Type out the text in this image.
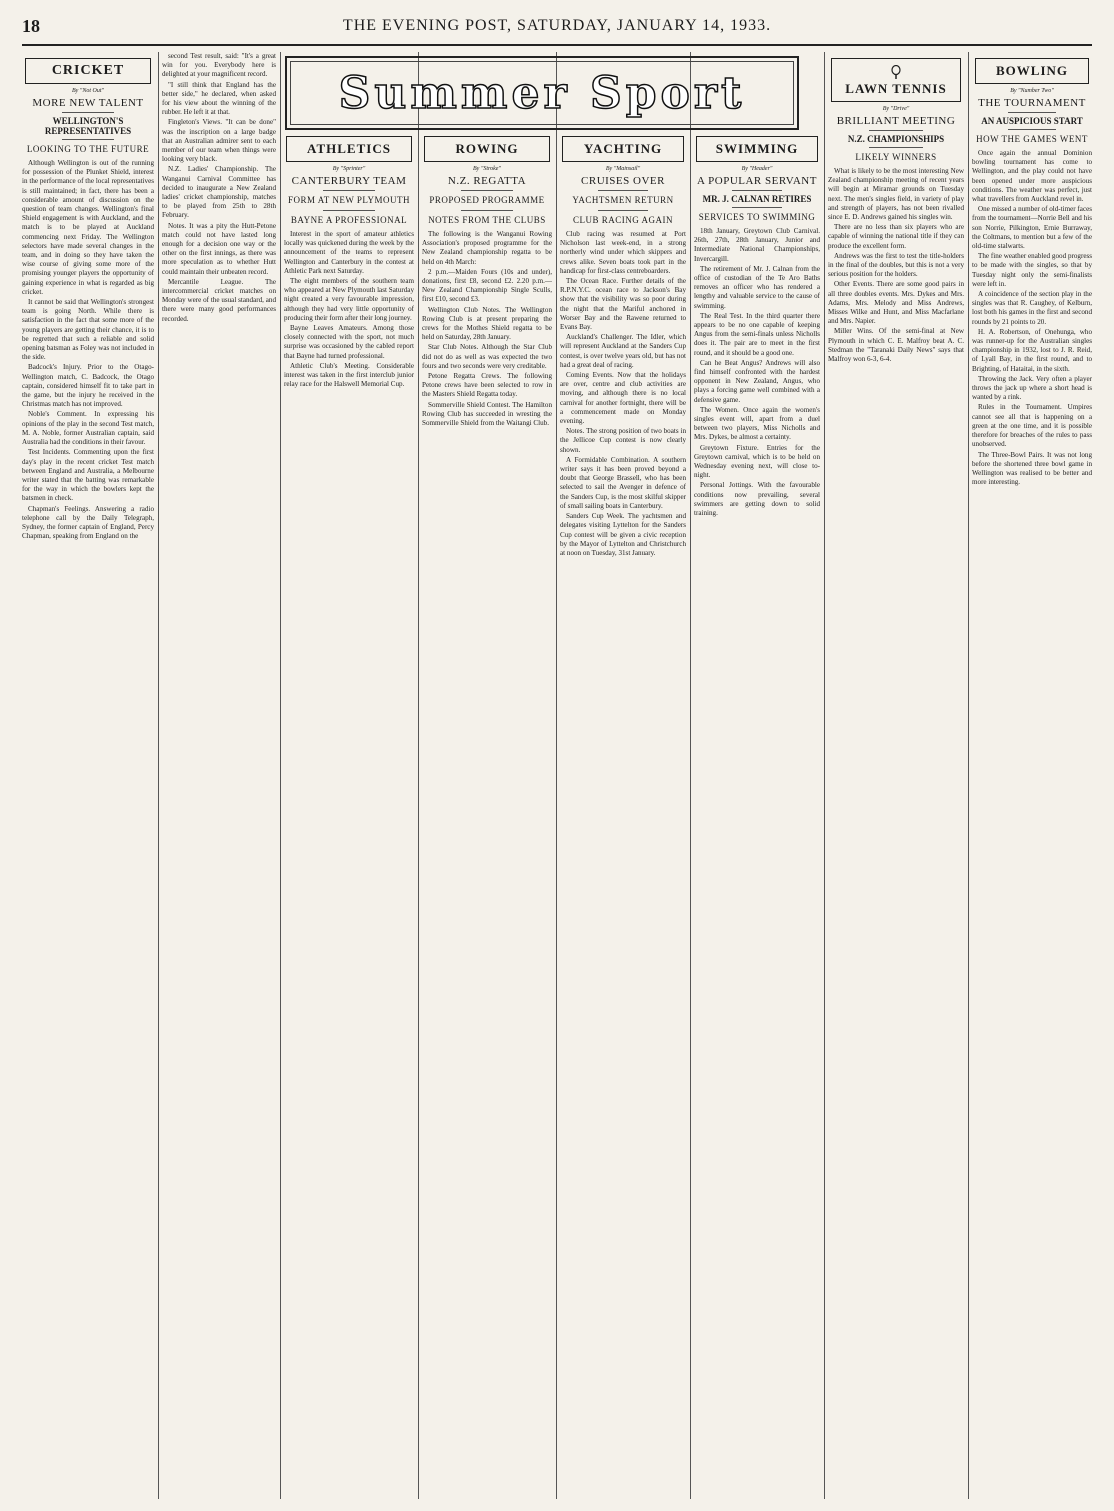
18	THE EVENING POST, SATURDAY, JANUARY 14, 1933.
CRICKET
By "Not Out"
MORE NEW TALENT
WELLINGTON'S REPRESENTATIVES
LOOKING TO THE FUTURE

Although Wellington is out of the running for possession of the Plunket Shield, interest in the performance of the local representatives is still maintained; in fact, there has been a considerable amount of discussion on the question of team changes. Wellington's final Shield engagement is with Auckland, and the match is to be played at Auckland commencing next Friday. The Wellington selectors have made several changes in the team, and in doing so they have taken the wise course of giving some more of the promising younger players the opportunity of gaining experience in what is regarded as big cricket.

It cannot be said that Wellington's strongest team is going North. While there is satisfaction in the fact that some more of the young players are getting their chance, it is to be regretted that such a reliable and solid opening batsman as Foley was not included in the side.

Badcock's Injury. Prior to the Otago-Wellington match, C. Badcock, the Otago captain, considered himself fit to take part in the game, but the injury he received in the Christmas match has not improved.

Noble's Comment. In expressing his opinions of the play in the second Test match, M. A. Noble, former Australian captain, said Australia had the conditions in their favour.

Test Incidents. Commenting upon the first day's play in the recent cricket Test match between England and Australia, a Melbourne writer stated that the batting was remarkable for the way in which the bowlers kept the batsmen in check.

Chapman's Feelings. Answering a radio telephone call by the Daily Telegraph, Sydney, the former captain of England, Percy Chapman, speaking from England on the

second Test result, said: "It's a great win for you. Everybody here is delighted at your magnificent record.

"I still think that England has the better side," he declared, when asked for his view about the winning of the rubber. He left it at that.

Fingleton's Views. "It can be done" was the inscription on a large badge that an Australian admirer sent to each member of our team when things were looking very black.

N.Z. Ladies' Championship. The Wanganui Carnival Committee has decided to inaugurate a New Zealand ladies' cricket championship, matches to be played from 25th to 28th February.

Notes. It was a pity the Hutt-Petone match could not have lasted long enough for a decision one way or the other on the first innings, as there was more speculation as to whether Hutt could maintain their unbeaten record.

Mercantile League. The intercommercial cricket matches on Monday were of the usual standard, and there were many good performances recorded.

Summer Sport
ATHLETICS
By "Sprinter"
CANTERBURY TEAM
FORM AT NEW PLYMOUTH
BAYNE A PROFESSIONAL

Interest in the sport of amateur athletics locally was quickened during the week by the announcement of the teams to represent Wellington and Canterbury in the contest at Athletic Park next Saturday.

The eight members of the southern team who appeared at New Plymouth last Saturday night created a very favourable impression, although they had very little opportunity of producing their form after their long journey.

Bayne Leaves Amateurs. Among those closely connected with the sport, not much surprise was occasioned by the cabled report that Bayne had turned professional.

Athletic Club's Meeting. Considerable interest was taken in the first interclub junior relay race for the Halswell Memorial Cup.

ROWING
By "Stroke"
N.Z. REGATTA
PROPOSED PROGRAMME
NOTES FROM THE CLUBS

The following is the Wanganui Rowing Association's proposed programme for the New Zealand championship regatta to be held on 4th March:

2 p.m.—Maiden Fours (10s and under), donations, first £8, second £2. 2.20 p.m.—New Zealand Championship Single Sculls, first £10, second £3.

Wellington Club Notes. The Wellington Rowing Club is at present preparing the crews for the Mothes Shield regatta to be held on Saturday, 28th January.

Star Club Notes. Although the Star Club did not do as well as was expected the two fours and two seconds were very creditable.

Petone Regatta Crews. The following Petone crews have been selected to row in the Masters Shield Regatta today.

Sommerville Shield Contest. The Hamilton Rowing Club has succeeded in wresting the Sommerville Shield from the Waitangi Club.

YACHTING
By "Mainsail"
CRUISES OVER
YACHTSMEN RETURN
CLUB RACING AGAIN

Club racing was resumed at Port Nicholson last week-end, in a strong northerly wind under which skippers and crews alike. Seven boats took part in the handicap for first-class centreboarders.

The Ocean Race. Further details of the R.P.N.Y.C. ocean race to Jackson's Bay show that the visibility was so poor during the night that the Mariful anchored in Worser Bay and the Rawene returned to Evans Bay.

Auckland's Challenger. The Idler, which will represent Auckland at the Sanders Cup contest, is over twelve years old, but has not had a great deal of racing.

Coming Events. Now that the holidays are over, centre and club activities are moving, and although there is no local carnival for another fortnight, there will be a commencement made on Monday evening.

Notes. The strong position of two boats in the Jellicoe Cup contest is now clearly shown.

A Formidable Combination. A southern writer says it has been proved beyond a doubt that George Brassell, who has been selected to sail the Avenger in defence of the Sanders Cup, is the most skilful skipper of small sailing boats in Canterbury.

Sanders Cup Week. The yachtsmen and delegates visiting Lyttelton for the Sanders Cup contest will be given a civic reception by the Mayor of Lyttelton and Christchurch at noon on Tuesday, 31st January.

SWIMMING
By "Header"
A POPULAR SERVANT
MR. J. CALNAN RETIRES
SERVICES TO SWIMMING

18th January, Greytown Club Carnival. 26th, 27th, 28th January, Junior and Intermediate National Championships, Invercargill.

The retirement of Mr. J. Calnan from the office of custodian of the Te Aro Baths removes an officer who has rendered a lengthy and valuable service to the cause of swimming.

The Real Test. In the third quarter there appears to be no one capable of keeping Angus from the semi-finals unless Nicholls does it. The pair are to meet in the first round, and it should be a good one.

Can he Beat Angus? Andrews will also find himself confronted with the hardest opponent in New Zealand, Angus, who plays a forcing game well combined with a defensive game.

The Women. Once again the women's singles event will, apart from a duel between two players, Miss Nicholls and Mrs. Dykes, be almost a certainty.

Greytown Fixture. Entries for the Greytown carnival, which is to be held on Wednesday evening next, will close to-night.

Personal Jottings. With the favourable conditions now prevailing, several swimmers are getting down to solid training.

LAWN TENNIS
By "Drive"
BRILLIANT MEETING
N.Z. CHAMPIONSHIPS
LIKELY WINNERS

What is likely to be the most interesting New Zealand championship meeting of recent years will begin at Miramar grounds on Tuesday next. The men's singles field, in variety of play and strength of players, has not been rivalled since E. D. Andrews gained his singles win.

There are no less than six players who are capable of winning the national title if they can produce the excellent form.

Andrews was the first to test the title-holders in the final of the doubles, but this is not a very serious position for the holders.

Other Events. There are some good pairs in all three doubles events. Mrs. Dykes and Mrs. Adams, Mrs. Melody and Miss Andrews, Misses Wilke and Hunt, and Miss Macfarlane and Mrs. Napier.

Miller Wins. Of the semi-final at New Plymouth in which C. E. Malfroy beat A. C. Stedman the "Taranaki Daily News" says that Malfroy won 6-3, 6-4.

BOWLING
By "Number Two"
THE TOURNAMENT
AN AUSPICIOUS START
HOW THE GAMES WENT

Once again the annual Dominion bowling tournament has come to Wellington, and the play could not have been opened under more auspicious conditions. The weather was perfect, just what travellers from Auckland revel in.

One missed a number of old-timer faces from the tournament—Norrie Bell and his son Norrie, Pilkington, Ernie Burraway, the Coltmans, to mention but a few of the old-time stalwarts.

The fine weather enabled good progress to be made with the singles, so that by Tuesday night only the semi-finalists were left in.

A coincidence of the section play in the singles was that R. Caughey, of Kelburn, lost both his games in the first and second rounds by 21 points to 20.

H. A. Robertson, of Onehunga, who was runner-up for the Australian singles championship in 1932, lost to J. R. Reid, of Lyall Bay, in the first round, and to Brighting, of Hataitai, in the sixth.

Throwing the Jack. Very often a player throws the jack up where a short head is wanted by a rink.

Rules in the Tournament. Umpires cannot see all that is happening on a green at the one time, and it is possible therefore for breaches of the rules to pass unobserved.

The Three-Bowl Pairs. It was not long before the shortened three bowl game in Wellington was realised to be better and more interesting.
